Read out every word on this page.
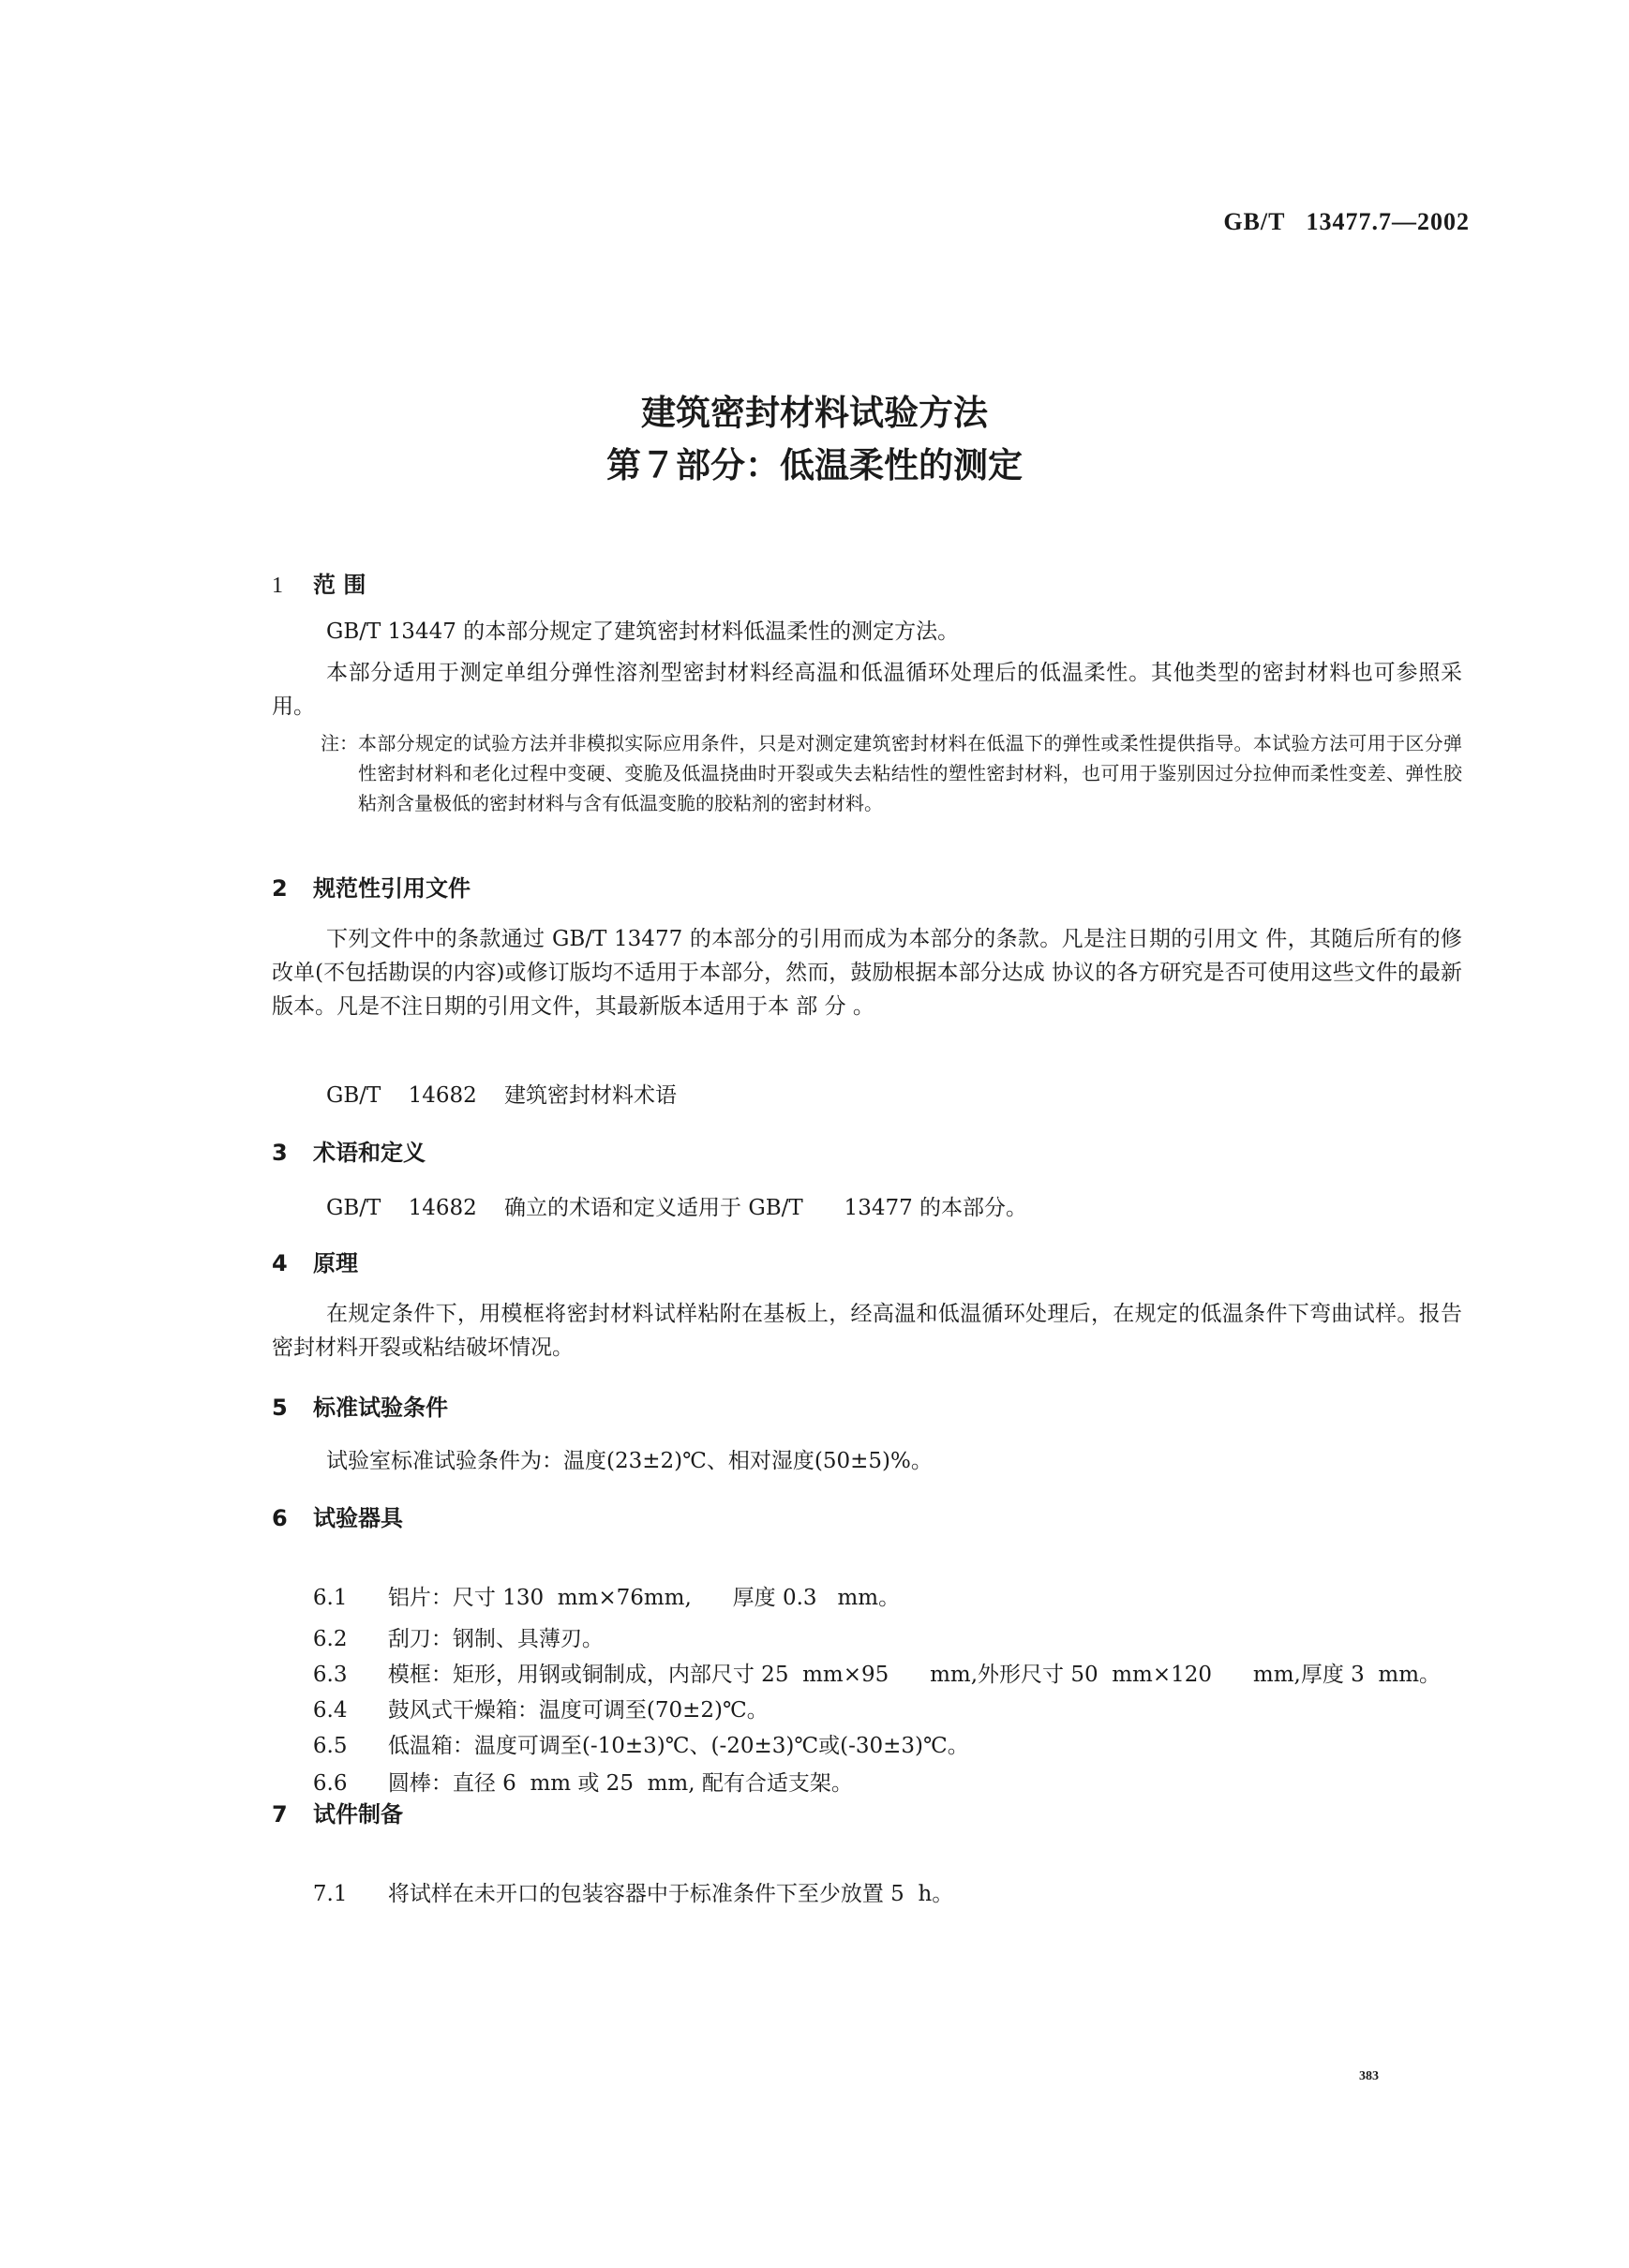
GB/T   13477.7—2002
建筑密封材料试验方法
第７部分：低温柔性的测定
1 范 围
GB/T 13447 的本部分规定了建筑密封材料低温柔性的测定方法。
本部分适用于测定单组分弹性溶剂型密封材料经高温和低温循环处理后的低温柔性。其他类型的密封材料也可参照采用。
注： 本部分规定的试验方法并非模拟实际应用条件，只是对测定建筑密封材料在低温下的弹性或柔性提供指导。本试验方法可用于区分弹性密封材料和老化过程中变硬、变脆及低温挠曲时开裂或失去粘结性的塑性密封材料，也可用于鉴别因过分拉伸而柔性变差、弹性胶粘剂含量极低的密封材料与含有低温变脆的胶粘剂的密封材料。
2 规范性引用文件
下列文件中的条款通过 GB/T 13477 的本部分的引用而成为本部分的条款。凡是注日期的引用文 件，其随后所有的修改单(不包括勘误的内容)或修订版均不适用于本部分，然而，鼓励根据本部分达成 协议的各方研究是否可使用这些文件的最新版本。凡是不注日期的引用文件，其最新版本适用于本 部 分 。
GB/T    14682    建筑密封材料术语
3 术语和定义
GB/T    14682    确立的术语和定义适用于 GB/T      13477 的本部分。
4 原理
在规定条件下，用模框将密封材料试样粘附在基板上，经高温和低温循环处理后，在规定的低温条件下弯曲试样。报告密封材料开裂或粘结破坏情况。
5 标准试验条件
试验室标准试验条件为：温度(23±2)℃、相对湿度(50±5)%。
6 试验器具

6.1 铝片：尺寸 130  mm×76mm,      厚度 0.3   mm。

6.2 刮刀：钢制、具薄刃。

6.3 模框：矩形，用钢或铜制成，内部尺寸 25  mm×95      mm,外形尺寸 50  mm×120      mm,厚度 3  mm。

6.4 鼓风式干燥箱：温度可调至(70±2)℃。

6.5 低温箱：温度可调至(-10±3)℃、(-20±3)℃或(-30±3)℃。

6.6 圆棒：直径 6  mm 或 25  mm, 配有合适支架。

7 试件制备

7.1 将试样在未开口的包装容器中于标准条件下至少放置 5  h。

383
